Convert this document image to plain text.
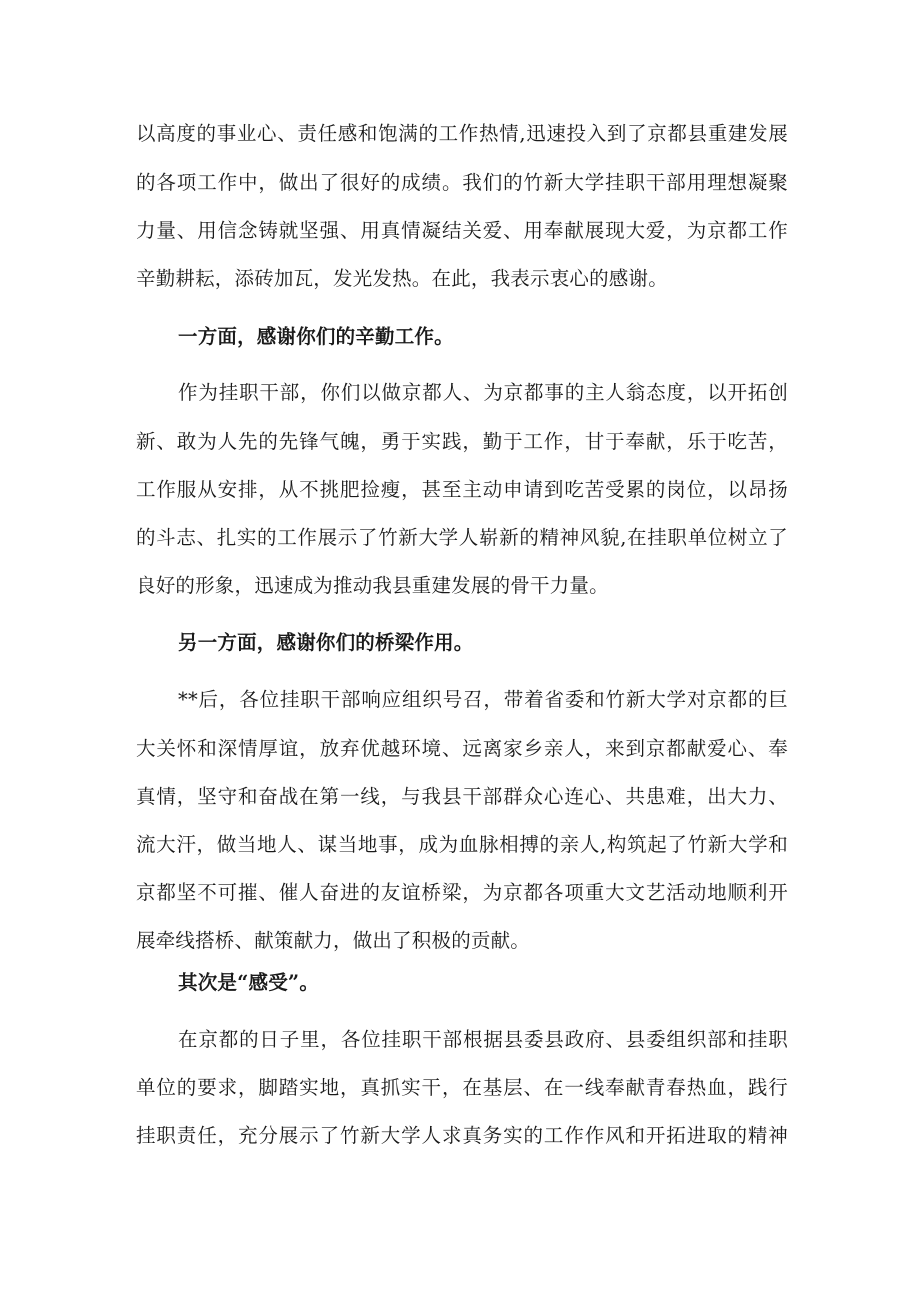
以高度的事业心、责任感和饱满的工作热情,迅速投入到了京都县重建发展
的各项工作中，做出了很好的成绩。我们的竹新大学挂职干部用理想凝聚
力量、用信念铸就坚强、用真情凝结关爱、用奉献展现大爱，为京都工作
辛勤耕耘，添砖加瓦，发光发热。在此，我表示衷心的感谢。
一方面，感谢你们的辛勤工作。
作为挂职干部，你们以做京都人、为京都事的主人翁态度，以开拓创
新、敢为人先的先锋气魄，勇于实践，勤于工作，甘于奉献，乐于吃苦，
工作服从安排，从不挑肥捡瘦，甚至主动申请到吃苦受累的岗位，以昂扬
的斗志、扎实的工作展示了竹新大学人崭新的精神风貌,在挂职单位树立了
良好的形象，迅速成为推动我县重建发展的骨干力量。
另一方面，感谢你们的桥梁作用。
**后，各位挂职干部响应组织号召，带着省委和竹新大学对京都的巨
大关怀和深情厚谊，放弃优越环境、远离家乡亲人，来到京都献爱心、奉
真情，坚守和奋战在第一线，与我县干部群众心连心、共患难，出大力、
流大汗，做当地人、谋当地事，成为血脉相搏的亲人,构筑起了竹新大学和
京都坚不可摧、催人奋进的友谊桥梁，为京都各项重大文艺活动地顺利开
展牵线搭桥、献策献力，做出了积极的贡献。
其次是“感受”。
在京都的日子里，各位挂职干部根据县委县政府、县委组织部和挂职
单位的要求，脚踏实地，真抓实干，在基层、在一线奉献青春热血，践行
挂职责任，充分展示了竹新大学人求真务实的工作作风和开拓进取的精神
